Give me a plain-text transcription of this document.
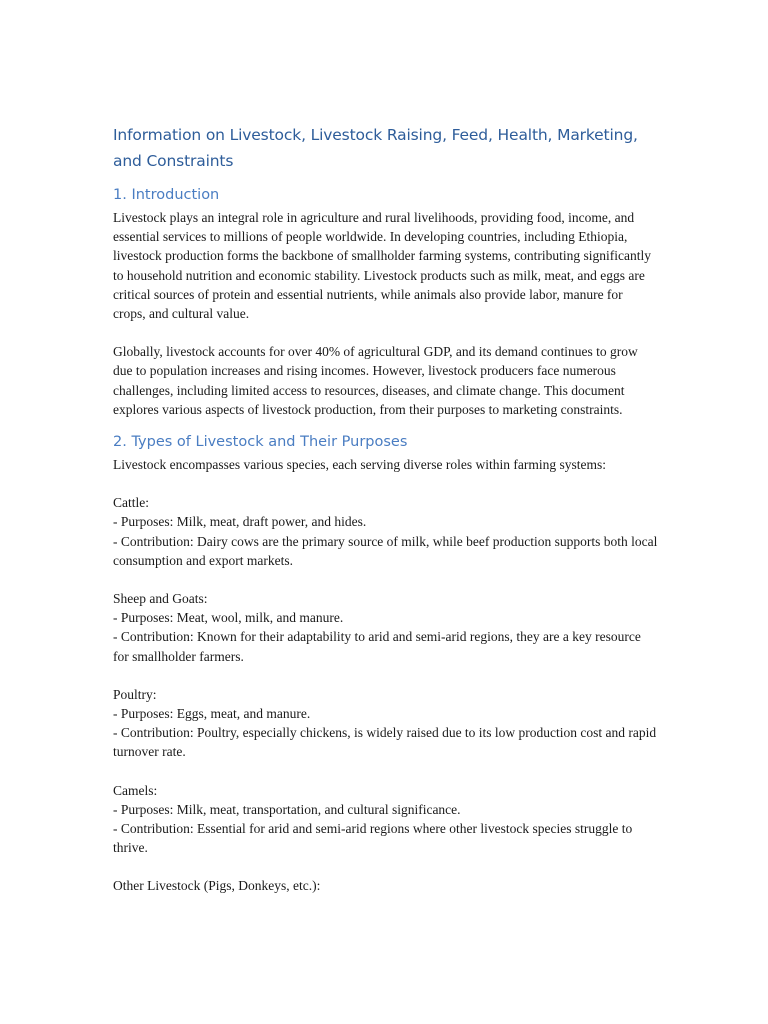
Information on Livestock, Livestock Raising, Feed, Health, Marketing, and Constraints
1. Introduction
Livestock plays an integral role in agriculture and rural livelihoods, providing food, income, and essential services to millions of people worldwide. In developing countries, including Ethiopia, livestock production forms the backbone of smallholder farming systems, contributing significantly to household nutrition and economic stability. Livestock products such as milk, meat, and eggs are critical sources of protein and essential nutrients, while animals also provide labor, manure for crops, and cultural value.
Globally, livestock accounts for over 40% of agricultural GDP, and its demand continues to grow due to population increases and rising incomes. However, livestock producers face numerous challenges, including limited access to resources, diseases, and climate change. This document explores various aspects of livestock production, from their purposes to marketing constraints.
2. Types of Livestock and Their Purposes
Livestock encompasses various species, each serving diverse roles within farming systems:
Cattle:
- Purposes: Milk, meat, draft power, and hides.
- Contribution: Dairy cows are the primary source of milk, while beef production supports both local consumption and export markets.
Sheep and Goats:
- Purposes: Meat, wool, milk, and manure.
- Contribution: Known for their adaptability to arid and semi-arid regions, they are a key resource for smallholder farmers.
Poultry:
- Purposes: Eggs, meat, and manure.
- Contribution: Poultry, especially chickens, is widely raised due to its low production cost and rapid turnover rate.
Camels:
- Purposes: Milk, meat, transportation, and cultural significance.
- Contribution: Essential for arid and semi-arid regions where other livestock species struggle to thrive.
Other Livestock (Pigs, Donkeys, etc.):
